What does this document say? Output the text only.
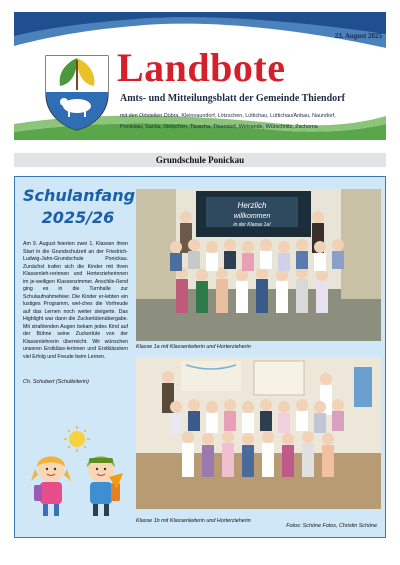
23. August 2025
Landbote
Amts- und Mitteilungsblatt der Gemeinde Thiendorf
mit den Ortsteilen Dobra, Kleinnaundorf, Lötzschen, Lüttichau, Lüttichau/Anbau, Naundorf,
Ponickau, Sacka, Stölpchen, Tauscha, Thiendorf, Welxande, Würschnitz, Zschorna
Grundschule Ponickau
Schulanfang
2025/26
Am 9. August feierten zwei 1. Klassen ihren Start in die Grundschulzeit an der Friedrich-Ludwig-Jahn-Grundschule Ponickau. Zunächst trafen sich die Kinder mit ihren Klassenleh-rerinnen und Horterzieherinnen im je-weiligen Klassenzimmer. Anschlie-ßend ging es in die Turnhalle zur Schulaufnahmefeier. Die Kinder er-lebten ein lustiges Programm, wel-ches die Vorfreude auf das Lernen noch weiter steigerte. Das Highlight war dann die Zuckertütenübergabe. Mit strahlenden Augen bekam jedes Kind auf der Bühne seine Zuckertüte von der Klassenlehrerin überreicht. Wir wünschen unseren Erstkläss-lerinnen und Erstklässlern viel Erfolg und Freude beim Lernen.
Ch. Schubert (Schulleiterin)
Herzlich
willkommen
in der Klasse 1a!
Klasse 1a mit Klassenleiterin und Horterzieherin
Klasse 1b mit Klassenleiterin und Horterzieherin
Fotos: Schöne Fotos, Christin Schöne
